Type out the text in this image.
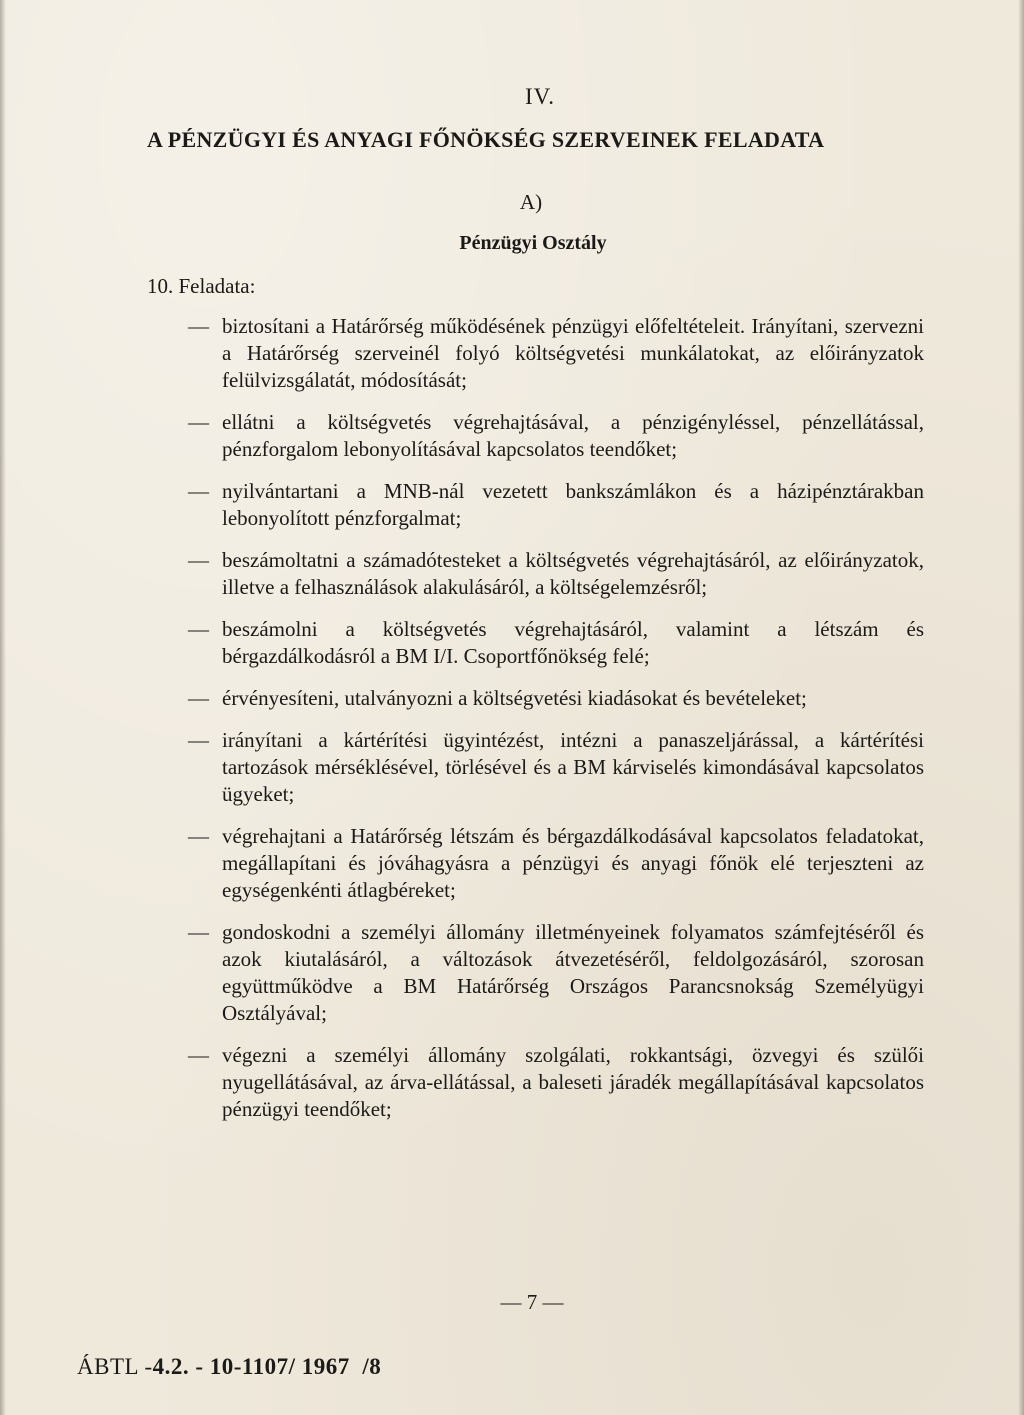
IV.
A PÉNZÜGYI ÉS ANYAGI FŐNÖKSÉG SZERVEINEK FELADATA
A)
Pénzügyi Osztály
10. Feladata:
— biztosítani a Határőrség működésének pénzügyi előfeltételeit. Irányítani, szervezni a Határőrség szerveinél folyó költségvetési munkálatokat, az előirányzatok felülvizsgálatát, módosítását;
— ellátni a költségvetés végrehajtásával, a pénzigényléssel, pénzellátással, pénzforgalom lebonyolításával kapcsolatos teendőket;
— nyilvántartani a MNB-nál vezetett bankszámlákon és a házipénztárakban lebonyolított pénzforgalmat;
— beszámoltatni a számadótesteket a költségvetés végrehajtásáról, az előirányzatok, illetve a felhasználások alakulásáról, a költségelemzésről;
— beszámolni a költségvetés végrehajtásáról, valamint a létszám és bérgazdálkodásról a BM I/I. Csoportfőnökség felé;
— érvényesíteni, utalványozni a költségvetési kiadásokat és bevételeket;
— irányítani a kártérítési ügyintézést, intézni a panaszeljárással, a kártérítési tartozások mérséklésével, törlésével és a BM kárviselés kimondásával kapcsolatos ügyeket;
— végrehajtani a Határőrség létszám és bérgazdálkodásával kapcsolatos feladatokat, megállapítani és jóváhagyásra a pénzügyi és anyagi főnök elé terjeszteni az egységenkénti átlagbéreket;
— gondoskodni a személyi állomány illetményeinek folyamatos számfejtéséről és azok kiutalásáról, a változások átvezetéséről, feldolgozásáról, szorosan együttműködve a BM Határőrség Országos Parancsnokság Személyügyi Osztályával;
— végezni a személyi állomány szolgálati, rokkantsági, özvegyi és szülői nyugellátásával, az árva-ellátással, a baleseti járadék megállapításával kapcsolatos pénzügyi teendőket;
— 7 —
ÁBTL -4.2. - 10-1107/ 1967 /8
